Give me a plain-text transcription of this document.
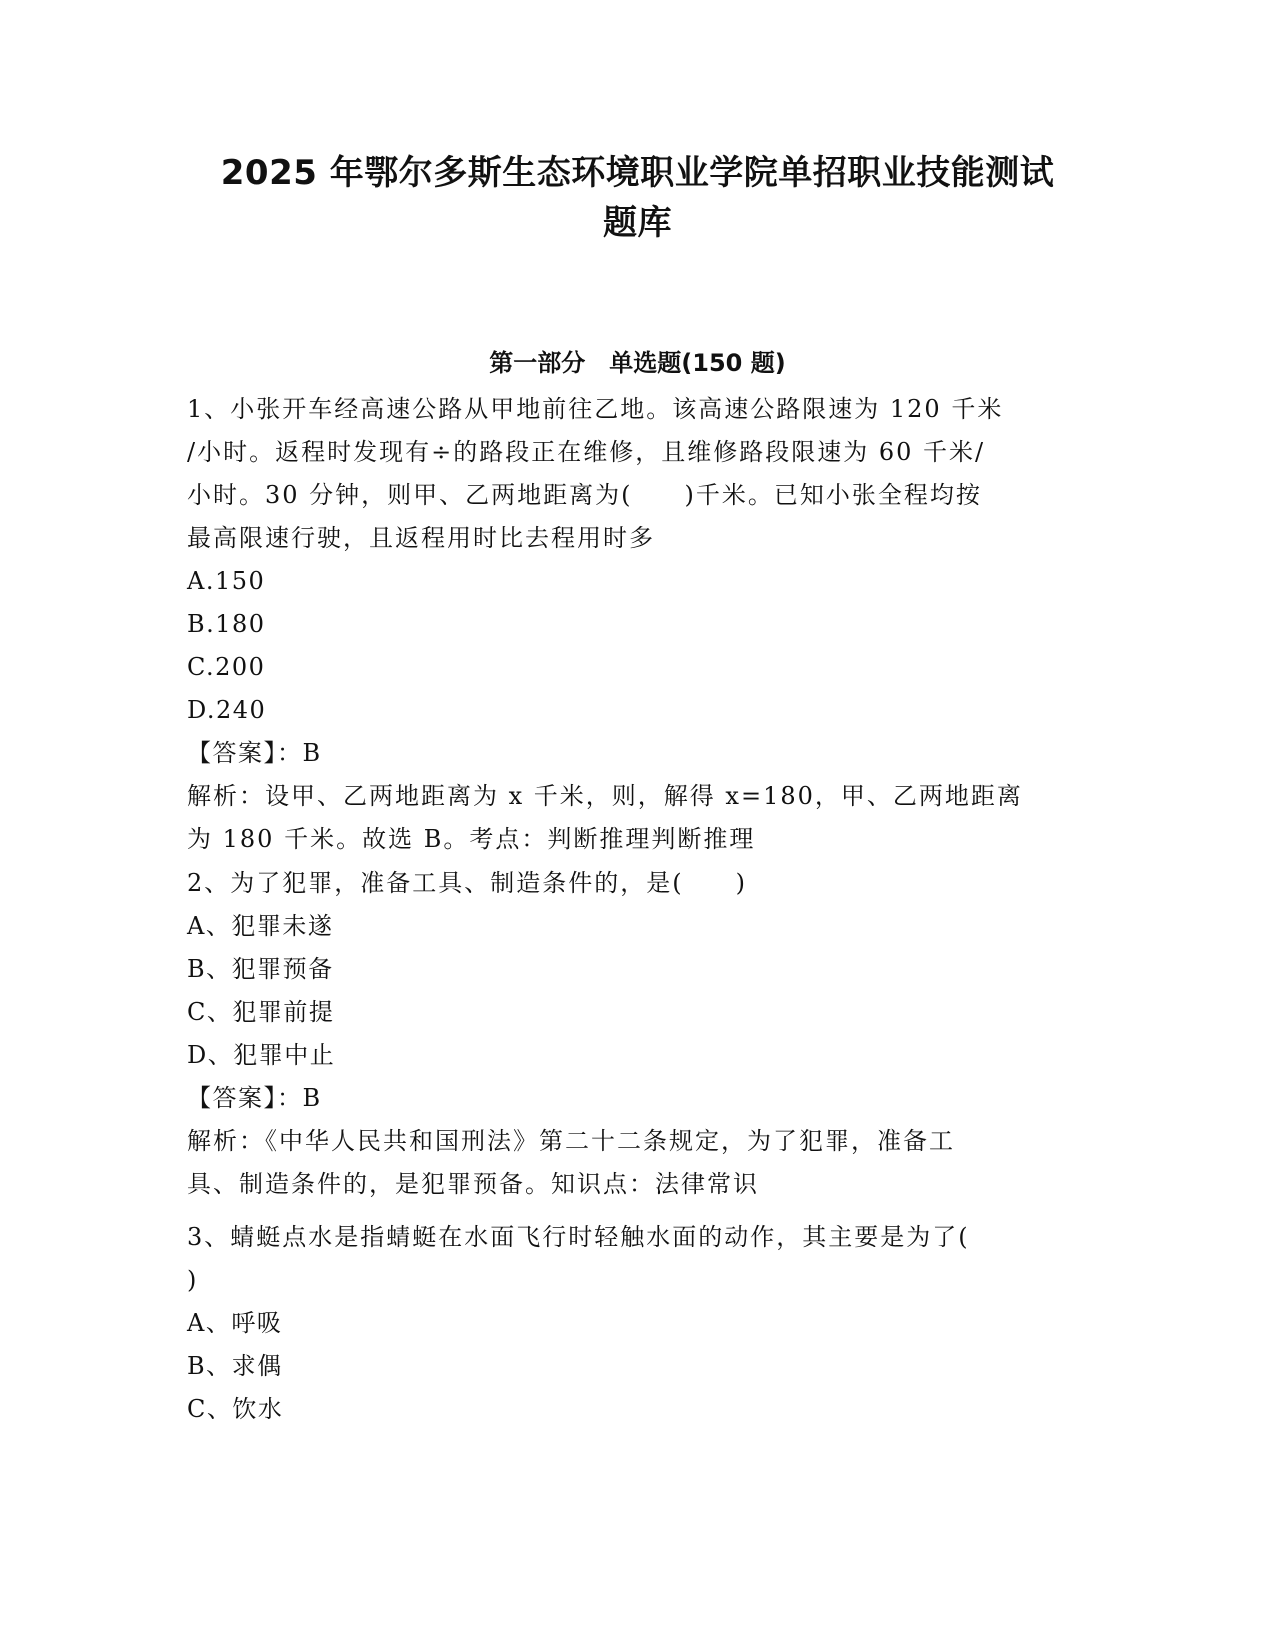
2025 年鄂尔多斯生态环境职业学院单招职业技能测试
题库
第一部分　单选题(150 题)
1、小张开车经高速公路从甲地前往乙地。该高速公路限速为 120 千米
/小时。返程时发现有÷的路段正在维修，且维修路段限速为 60 千米/
小时。30 分钟，则甲、乙两地距离为(　　)千米。已知小张全程均按
最高限速行驶，且返程用时比去程用时多
A.150
B.180
C.200
D.240
【答案】：B
解析：设甲、乙两地距离为 x 千米，则，解得 x=180，甲、乙两地距离
为 180 千米。故选 B。考点：判断推理判断推理
2、为了犯罪，准备工具、制造条件的，是(　　)
A、犯罪未遂
B、犯罪预备
C、犯罪前提
D、犯罪中止
【答案】：B
解析：《中华人民共和国刑法》第二十二条规定，为了犯罪，准备工
具、制造条件的，是犯罪预备。知识点：法律常识
3、蜻蜓点水是指蜻蜓在水面飞行时轻触水面的动作，其主要是为了(
)
A、呼吸
B、求偶
C、饮水
